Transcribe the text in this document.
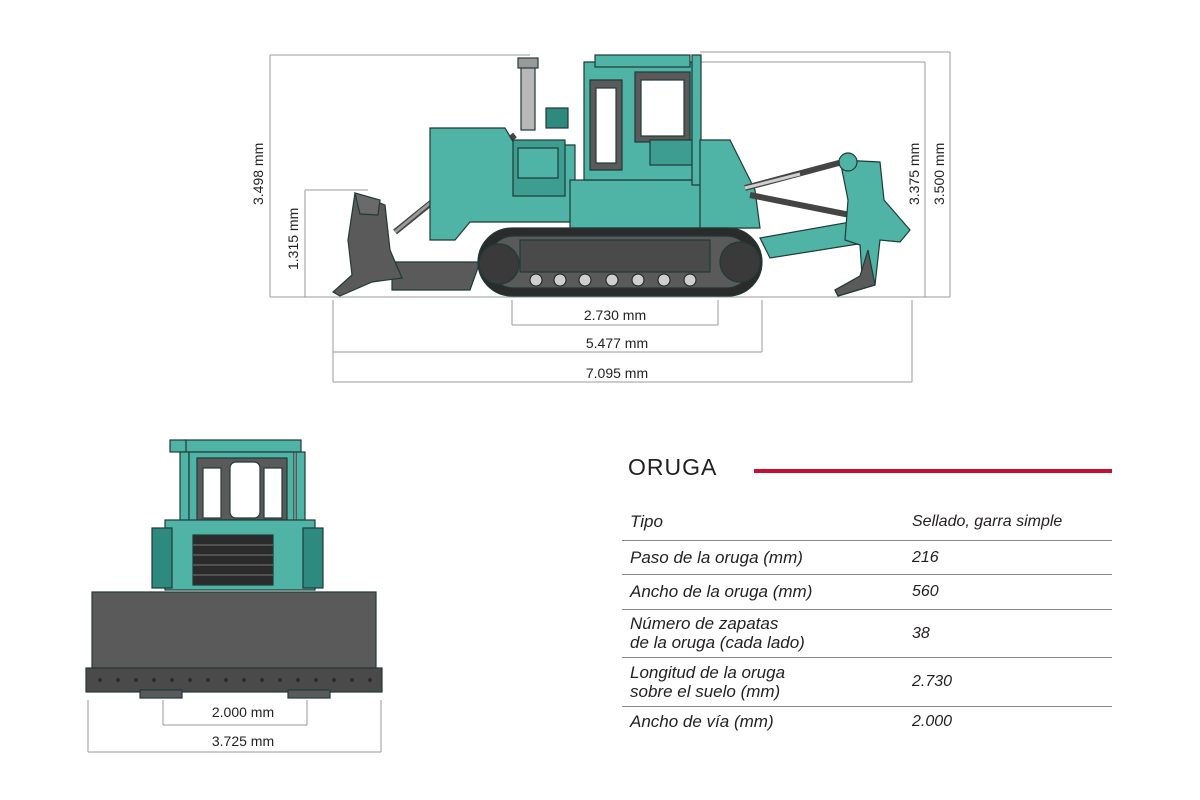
3.498 mm
1.315 mm
3.375 mm 3.500 mm
2.730 mm
5.477 mm
7.095 mm
2.000 mm
3.725 mm
ORUGA
Tipo	Sellado, garra simple
Paso de la oruga (mm)	216
Ancho de la oruga (mm)	560
Número de zapatas
de la oruga (cada lado)	38
Longitud de la oruga
sobre el suelo (mm)	2.730
Ancho de vía (mm)	2.000
